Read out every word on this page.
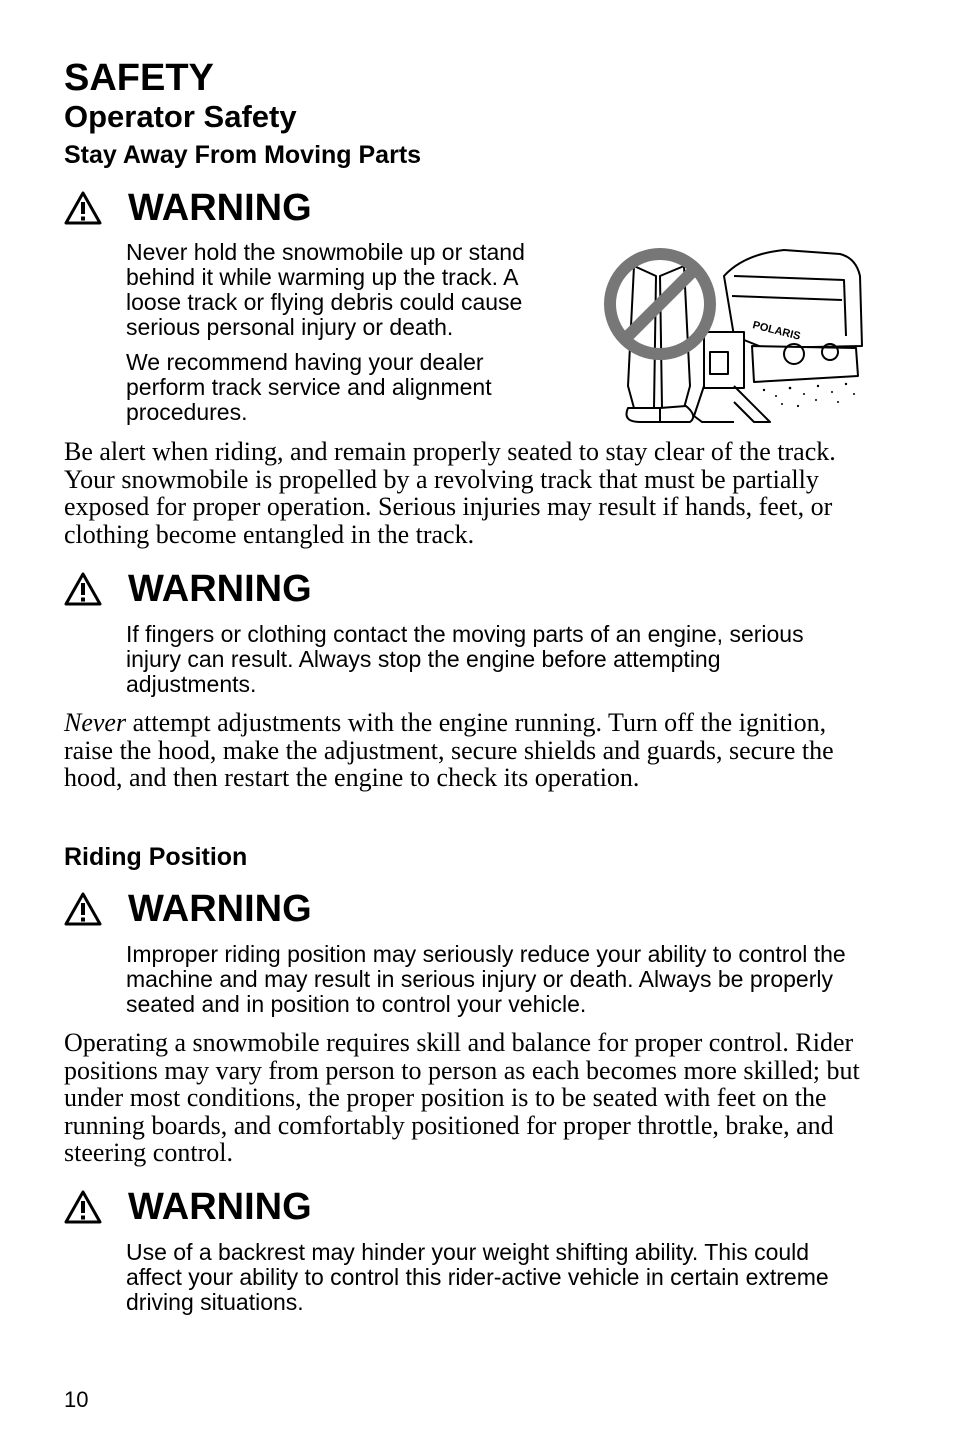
SAFETY
Operator Safety
Stay Away From Moving Parts
WARNING
Never hold the snowmobile up or stand behind it while warming up the track. A loose track or flying debris could cause serious personal injury or death.
We recommend having your dealer perform track service and alignment procedures.
POLARIS
Be alert when riding, and remain properly seated to stay clear of the track. Your snowmobile is propelled by a revolving track that must be partially exposed for proper operation. Serious injuries may result if hands, feet, or clothing become entangled in the track.
WARNING
If fingers or clothing contact the moving parts of an engine, serious injury can result. Always stop the engine before attempting adjustments.
Never attempt adjustments with the engine running. Turn off the ignition, raise the hood, make the adjustment, secure shields and guards, secure the hood, and then restart the engine to check its operation.
Riding Position
WARNING
Improper riding position may seriously reduce your ability to control the machine and may result in serious injury or death. Always be properly seated and in position to control your vehicle.
Operating a snowmobile requires skill and balance for proper control. Rider positions may vary from person to person as each becomes more skilled; but under most conditions, the proper position is to be seated with feet on the running boards, and comfortably positioned for proper throttle, brake, and steering control.
WARNING
Use of a backrest may hinder your weight shifting ability. This could affect your ability to control this rider-active vehicle in certain extreme driving situations.
10
